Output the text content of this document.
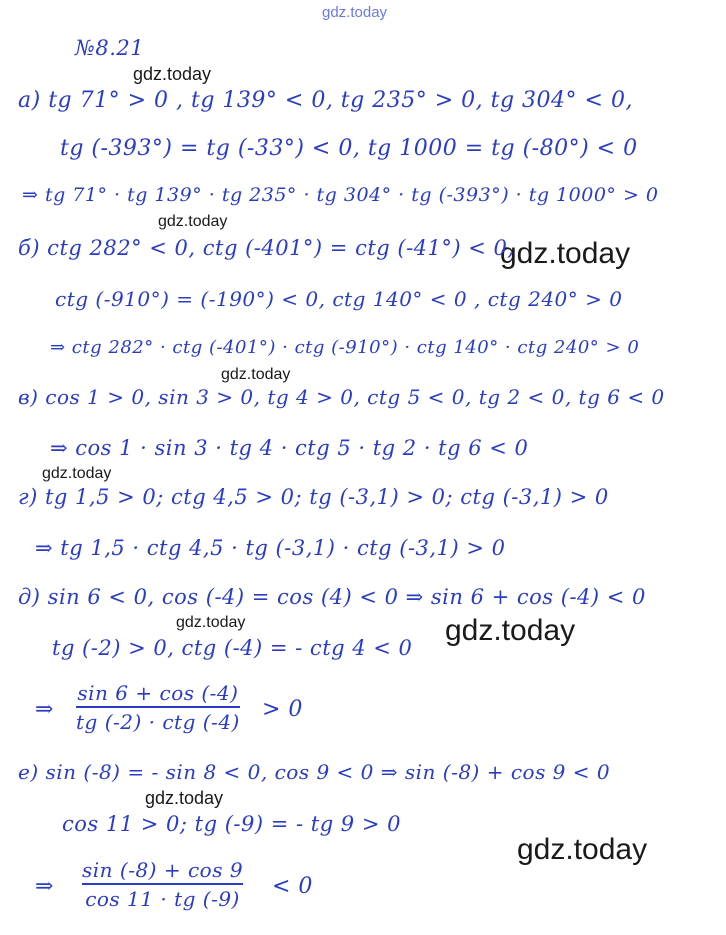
gdz.today
gdz.today
gdz.today
gdz.today
gdz.today
gdz.today
gdz.today	gdz.today
gdz.today
gdz.today
№8.21
a) tg 71° > 0 , tg 139° < 0, tg 235° > 0, tg 304° < 0,
tg (-393°) = tg (-33°) < 0, tg 1000 = tg (-80°) < 0
⇒ tg 71° · tg 139° · tg 235° · tg 304° · tg (-393°) · tg 1000° > 0
б) ctg 282° < 0, ctg (-401°) = ctg (-41°) < 0,
ctg (-910°) = (-190°) < 0, ctg 140° < 0 , ctg 240° > 0
⇒ ctg 282° · ctg (-401°) · ctg (-910°) · ctg 140° · ctg 240° > 0
в) cos 1 > 0, sin 3 > 0, tg 4 > 0, ctg 5 < 0, tg 2 < 0, tg 6 < 0
⇒ cos 1 · sin 3 · tg 4 · ctg 5 · tg 2 · tg 6 < 0
г) tg 1,5 > 0; ctg 4,5 > 0; tg (-3,1) > 0; ctg (-3,1) > 0
⇒ tg 1,5 · ctg 4,5 · tg (-3,1) · ctg (-3,1) > 0
д) sin 6 < 0, cos (-4) = cos (4) < 0 ⇒ sin 6 + cos (-4) < 0
tg (-2) > 0, ctg (-4) = - ctg 4 < 0
⇒
sin 6 + cos (-4)
tg (-2) · ctg (-4) > 0
е) sin (-8) = - sin 8 < 0, cos 9 < 0 ⇒ sin (-8) + cos 9 < 0
cos 11 > 0; tg (-9) = - tg 9 > 0
⇒
sin (-8) + cos 9
cos 11 · tg (-9) < 0
